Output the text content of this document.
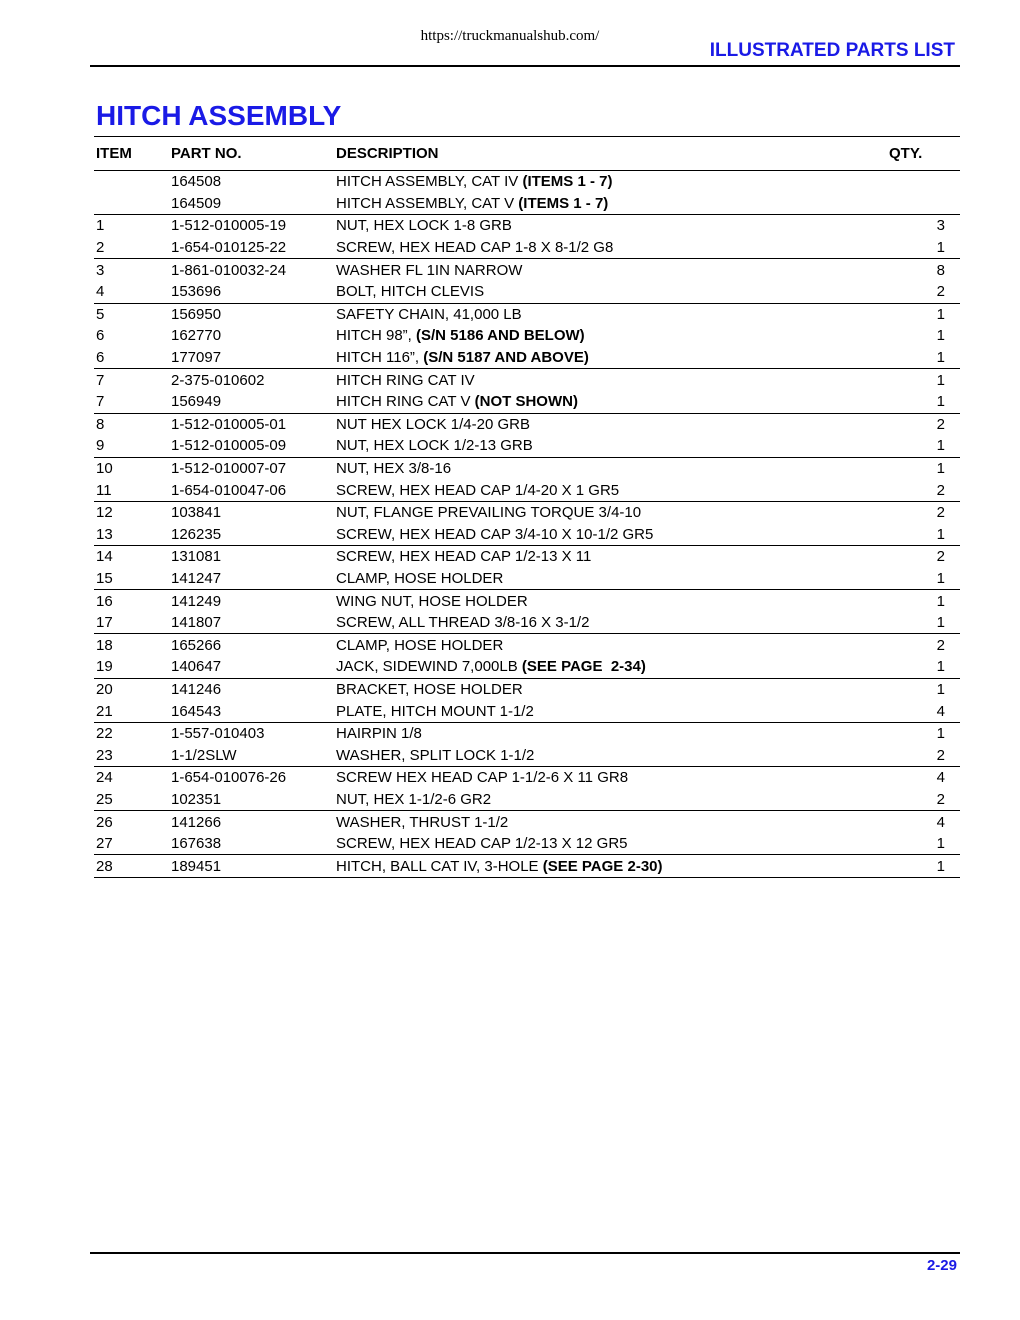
https://truckmanualshub.com/
ILLUSTRATED PARTS LIST
HITCH ASSEMBLY
ITEM	PART NO.	DESCRIPTION	QTY.
	164508	HITCH ASSEMBLY, CAT IV (ITEMS 1 - 7)	
	164509	HITCH ASSEMBLY, CAT V (ITEMS 1 - 7)	
1	1-512-010005-19	NUT, HEX LOCK 1-8 GRB	3
2	1-654-010125-22	SCREW, HEX HEAD CAP 1-8 X 8-1/2 G8	1
3	1-861-010032-24	WASHER FL 1IN NARROW	8
4	153696	BOLT, HITCH CLEVIS	2
5	156950	SAFETY CHAIN, 41,000 LB	1
6	162770	HITCH 98”, (S/N 5186 AND BELOW)	1
6	177097	HITCH 116”, (S/N 5187 AND ABOVE)	1
7	2-375-010602	HITCH RING CAT IV	1
7	156949	HITCH RING CAT V (NOT SHOWN)	1
8	1-512-010005-01	NUT HEX LOCK 1/4-20 GRB	2
9	1-512-010005-09	NUT, HEX LOCK 1/2-13 GRB	1
10	1-512-010007-07	NUT, HEX 3/8-16	1
11	1-654-010047-06	SCREW, HEX HEAD CAP 1/4-20 X 1 GR5	2
12	103841	NUT, FLANGE PREVAILING TORQUE 3/4-10	2
13	126235	SCREW, HEX HEAD CAP 3/4-10 X 10-1/2 GR5	1
14	131081	SCREW, HEX HEAD CAP 1/2-13 X 11	2
15	141247	CLAMP, HOSE HOLDER	1
16	141249	WING NUT, HOSE HOLDER	1
17	141807	SCREW, ALL THREAD 3/8-16 X 3-1/2	1
18	165266	CLAMP, HOSE HOLDER	2
19	140647	JACK, SIDEWIND 7,000LB (SEE PAGE  2-34)	1
20	141246	BRACKET, HOSE HOLDER	1
21	164543	PLATE, HITCH MOUNT 1-1/2	4
22	1-557-010403	HAIRPIN 1/8	1
23	1-1/2SLW	WASHER, SPLIT LOCK 1-1/2	2
24	1-654-010076-26	SCREW HEX HEAD CAP 1-1/2-6 X 11 GR8	4
25	102351	NUT, HEX 1-1/2-6 GR2	2
26	141266	WASHER, THRUST 1-1/2	4
27	167638	SCREW, HEX HEAD CAP 1/2-13 X 12 GR5	1
28	189451	HITCH, BALL CAT IV, 3-HOLE (SEE PAGE 2-30)	1
2-29
